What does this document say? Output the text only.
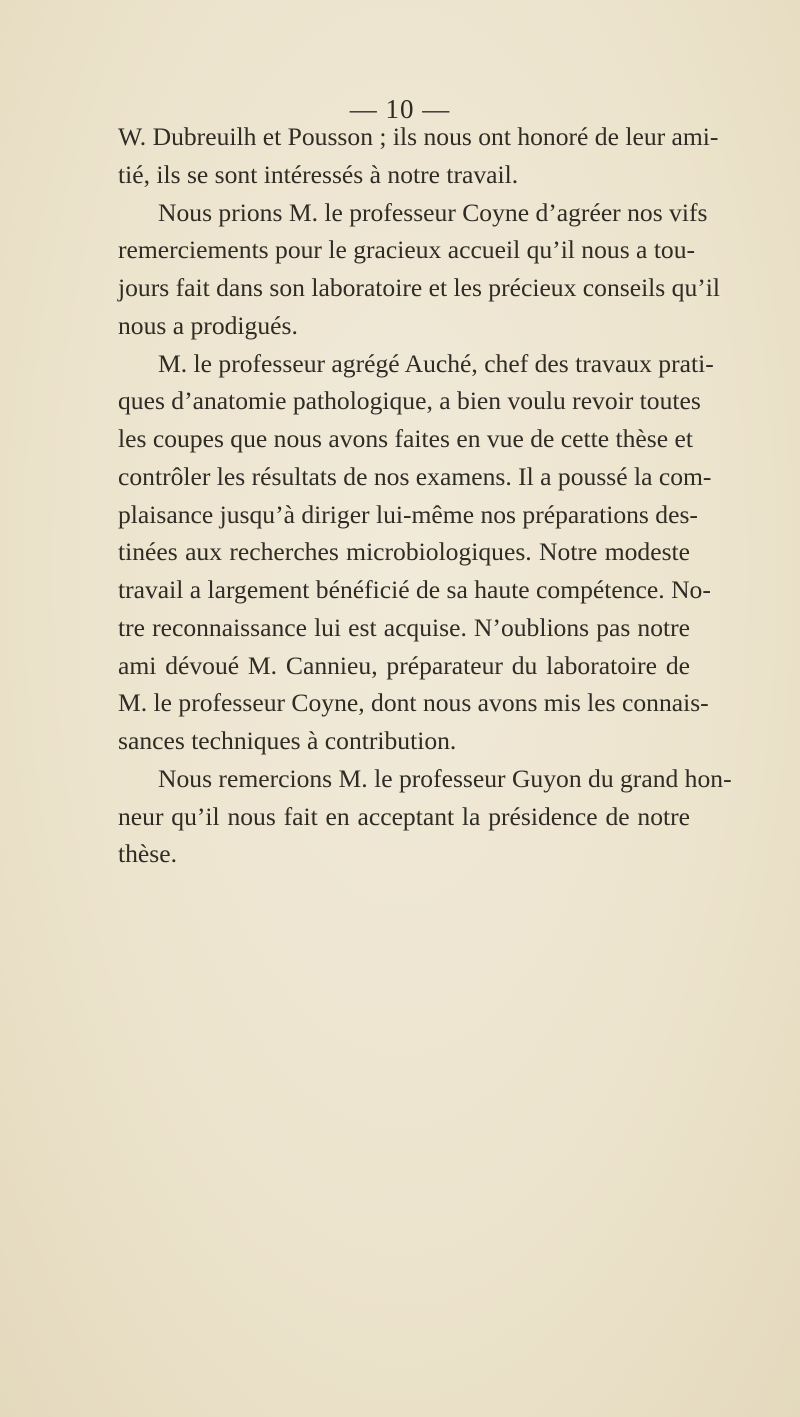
— 10 —
W. Dubreuilh et Pousson ; ils nous ont honoré de leur ami-
tié, ils se sont intéressés à notre travail.
Nous prions M. le professeur Coyne d’agréer nos vifs
remerciements pour le gracieux accueil qu’il nous a tou-
jours fait dans son laboratoire et les précieux conseils qu’il
nous a prodigués.
M. le professeur agrégé Auché, chef des travaux prati-
ques d’anatomie pathologique, a bien voulu revoir toutes
les coupes que nous avons faites en vue de cette thèse et
contrôler les résultats de nos examens. Il a poussé la com-
plaisance jusqu’à diriger lui-même nos préparations des-
tinées aux recherches microbiologiques. Notre modeste
travail a largement bénéficié de sa haute compétence. No-
tre reconnaissance lui est acquise. N’oublions pas notre
ami dévoué M. Cannieu, préparateur du laboratoire de
M. le professeur Coyne, dont nous avons mis les connais-
sances techniques à contribution.
Nous remercions M. le professeur Guyon du grand hon-
neur qu’il nous fait en acceptant la présidence de notre
thèse.
